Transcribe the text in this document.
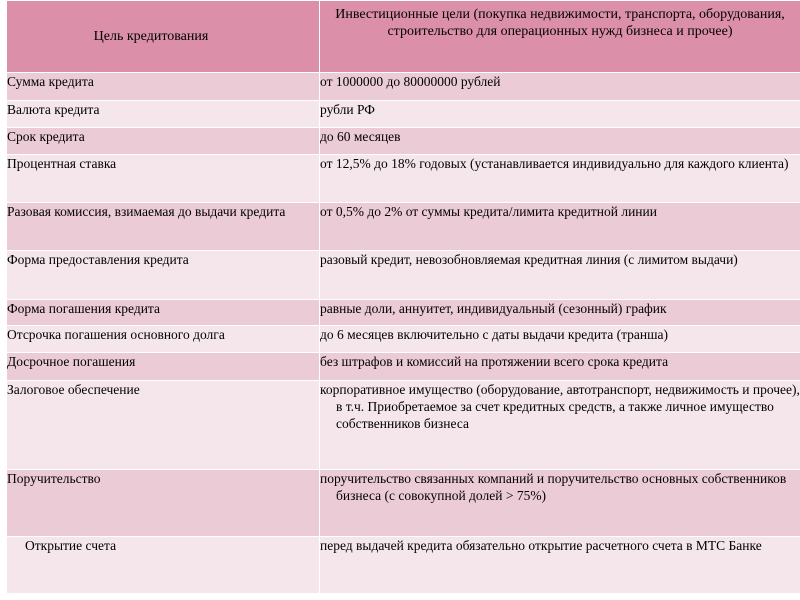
Цель кредитования	Инвестиционные цели (покупка недвижимости, транспорта, оборудования, строительство для операционных нужд бизнеса и прочее)
Сумма кредита	от 1000000 до 80000000 рублей

Валюта кредита	рубли РФ

Срок кредита	до 60 месяцев

Процентная ставка	от 12,5% до 18% годовых (устанавливается индивидуально для каждого клиента)

Разовая комиссия, взимаемая до выдачи кредита	от 0,5% до 2% от суммы кредита/лимита кредитной линии

Форма предоставления кредита	разовый кредит, невозобновляемая кредитная линия (с лимитом выдачи)

Форма погашения кредита	равные доли, аннуитет, индивидуальный (сезонный) график

Отсрочка погашения основного долга	до 6 месяцев включительно с даты выдачи кредита (транша)

Досрочное погашения	без штрафов и комиссий на протяжении всего срока кредита

Залоговое обеспечение	корпоративное имущество (оборудование, автотранспорт, недвижимость и прочее), в т.ч. Приобретаемое за счет кредитных средств, а также личное имущество собственников бизнеса

Поручительство	поручительство связанных компаний и поручительство основных собственников бизнеса (с совокупной долей > 75%)

Открытие счета	перед выдачей кредита обязательно открытие расчетного счета в МТС Банке
